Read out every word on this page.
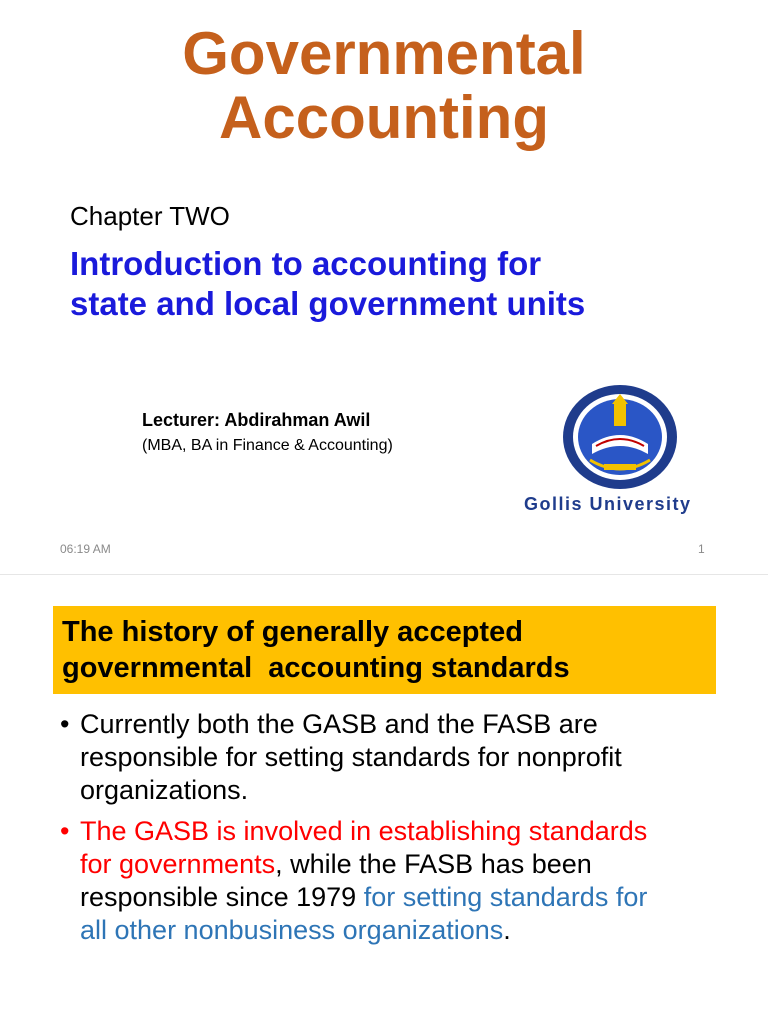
Governmental
Accounting
Chapter TWO
Introduction to accounting for
state and local government units
Lecturer: Abdirahman Awil
(MBA, BA in Finance & Accounting)
Gollis University
06:19 AM	1
The history of generally accepted
governmental  accounting standards
• Currently both the GASB and the FASB are
responsible for setting standards for nonprofit
organizations.
• The GASB is involved in establishing standards
for governments, while the FASB has been
responsible since 1979 for setting standards for
all other nonbusiness organizations.
